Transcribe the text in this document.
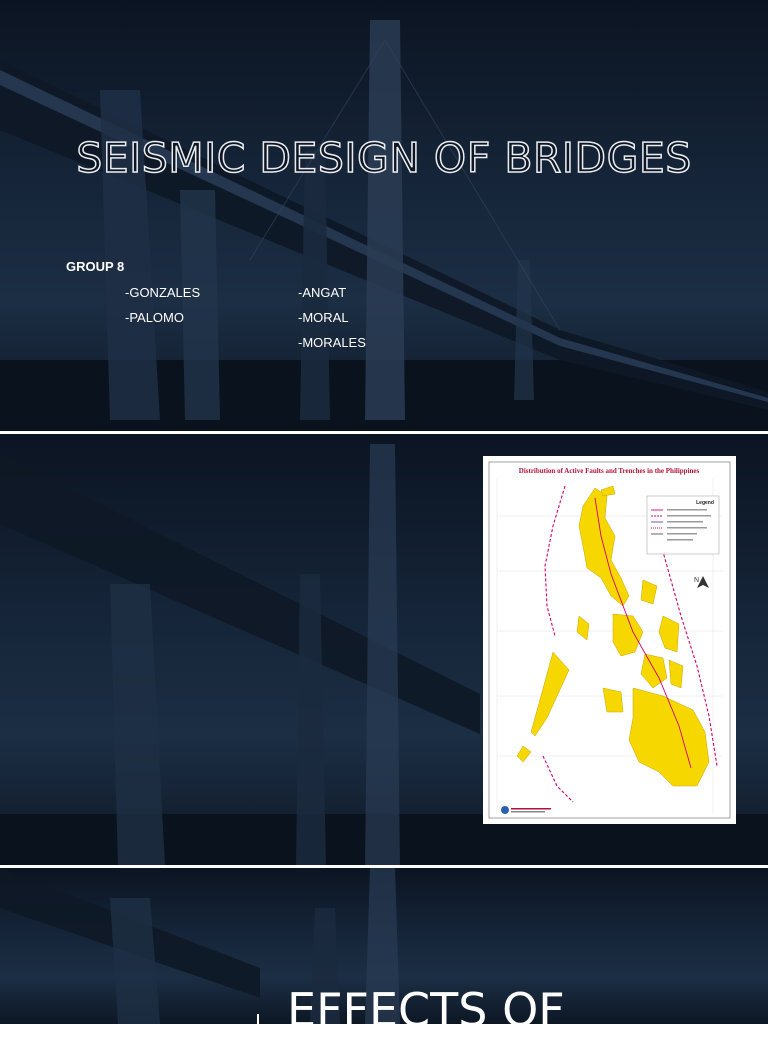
SEISMIC DESIGN OF BRIDGES
GROUP 8
-GONZALES
-PALOMO
-ANGAT
-MORAL
-MORALES
Distribution of Active Faults and Trenches in the Philippines
Legend
N
EFFECTS OF
